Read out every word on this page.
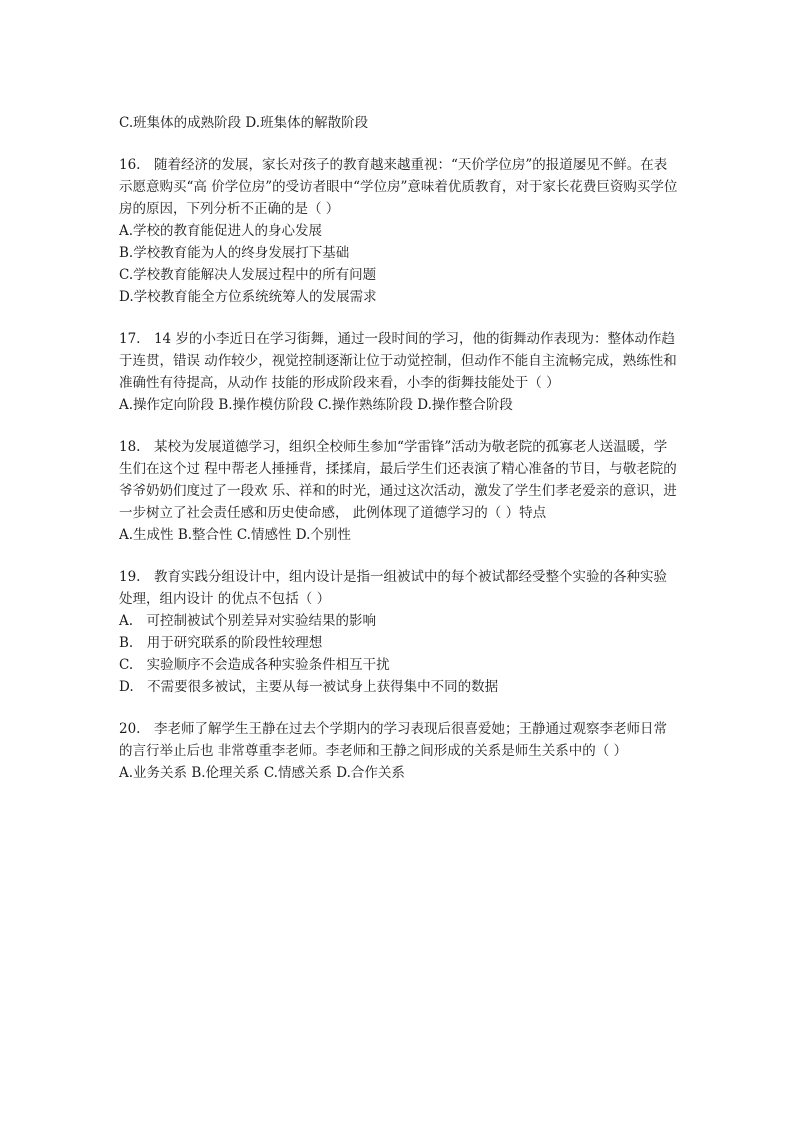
C.班集体的成熟阶段 D.班集体的解散阶段

16.　随着经济的发展，家长对孩子的教育越来越重视：“天价学位房”的报道屡见不鲜。在表示愿意购买“高 价学位房”的受访者眼中“学位房”意味着优质教育，对于家长花费巨资购买学位房的原因，下列分析不正确的是（ ）

A.学校的教育能促进人的身心发展

B.学校教育能为人的终身发展打下基础

C.学校教育能解决人发展过程中的所有问题

D.学校教育能全方位系统统筹人的发展需求

17.　14 岁的小李近日在学习街舞，通过一段时间的学习，他的街舞动作表现为：整体动作趋于连贯，错误 动作较少，视觉控制逐渐让位于动觉控制，但动作不能自主流畅完成，熟练性和准确性有待提高，从动作 技能的形成阶段来看，小李的街舞技能处于（ ）

A.操作定向阶段 B.操作模仿阶段 C.操作熟练阶段 D.操作整合阶段

18.　某校为发展道德学习，组织全校师生参加“学雷锋”活动为敬老院的孤寡老人送温暖，学生们在这个过 程中帮老人捶捶背，揉揉肩，最后学生们还表演了精心准备的节目，与敬老院的爷爷奶奶们度过了一段欢 乐、祥和的时光，通过这次活动，激发了学生们孝老爱亲的意识，进一步树立了社会责任感和历史使命感， 此例体现了道德学习的（ ）特点

A.生成性 B.整合性 C.情感性 D.个别性

19.　教育实践分组设计中，组内设计是指一组被试中的每个被试都经受整个实验的各种实验处理，组内设计 的优点不包括（ ）

A.　可控制被试个别差异对实验结果的影响

B.　用于研究联系的阶段性较理想

C.　实验顺序不会造成各种实验条件相互干扰

D.　不需要很多被试，主要从每一被试身上获得集中不同的数据

20.　李老师了解学生王静在过去个学期内的学习表现后很喜爱她；王静通过观察李老师日常的言行举止后也 非常尊重李老师。李老师和王静之间形成的关系是师生关系中的（ ）

A.业务关系 B.伦理关系 C.情感关系 D.合作关系
